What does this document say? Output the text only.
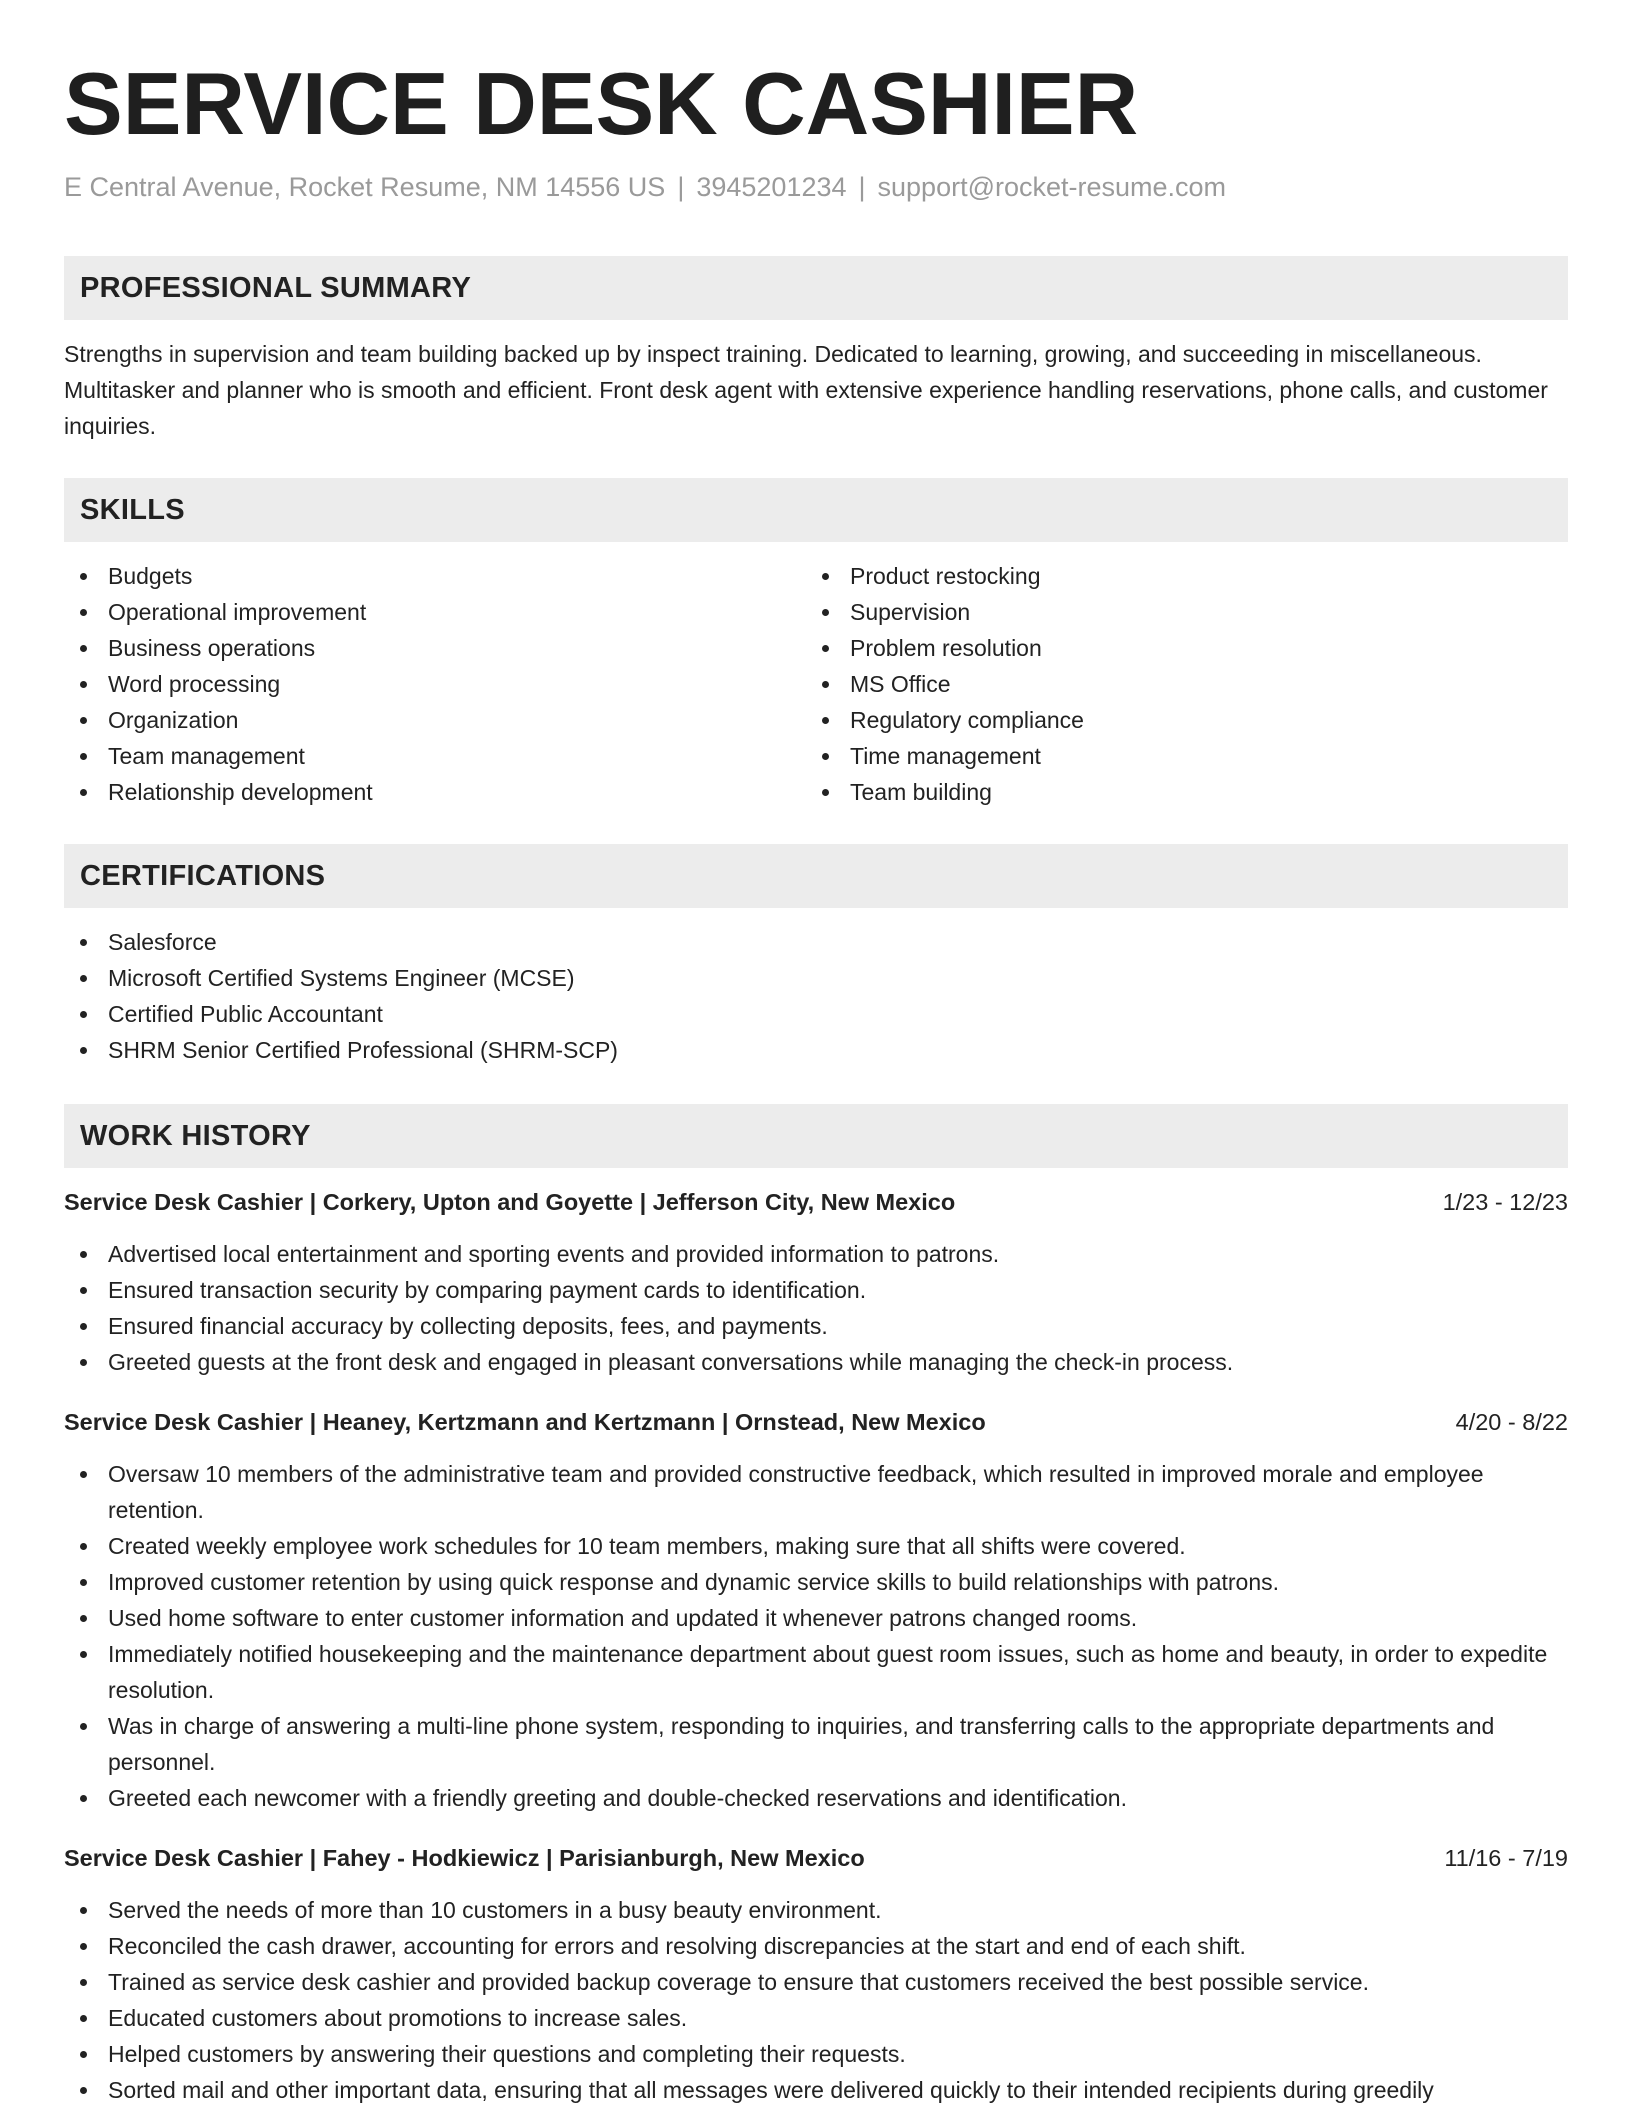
SERVICE DESK CASHIER
E Central Avenue, Rocket Resume, NM 14556 US | 3945201234 | support@rocket-resume.com
PROFESSIONAL SUMMARY
Strengths in supervision and team building backed up by inspect training. Dedicated to learning, growing, and succeeding in miscellaneous. Multitasker and planner who is smooth and efficient. Front desk agent with extensive experience handling reservations, phone calls, and customer inquiries.
SKILLS
Budgets
Operational improvement
Business operations
Word processing
Organization
Team management
Relationship development
Product restocking
Supervision
Problem resolution
MS Office
Regulatory compliance
Time management
Team building
CERTIFICATIONS
Salesforce
Microsoft Certified Systems Engineer (MCSE)
Certified Public Accountant
SHRM Senior Certified Professional (SHRM-SCP)
WORK HISTORY
Service Desk Cashier | Corkery, Upton and Goyette | Jefferson City, New Mexico	1/23 - 12/23
Advertised local entertainment and sporting events and provided information to patrons.
Ensured transaction security by comparing payment cards to identification.
Ensured financial accuracy by collecting deposits, fees, and payments.
Greeted guests at the front desk and engaged in pleasant conversations while managing the check-in process.
Service Desk Cashier | Heaney, Kertzmann and Kertzmann | Ornstead, New Mexico	4/20 - 8/22
Oversaw 10 members of the administrative team and provided constructive feedback, which resulted in improved morale and employee retention.
Created weekly employee work schedules for 10 team members, making sure that all shifts were covered.
Improved customer retention by using quick response and dynamic service skills to build relationships with patrons.
Used home software to enter customer information and updated it whenever patrons changed rooms.
Immediately notified housekeeping and the maintenance department about guest room issues, such as home and beauty, in order to expedite resolution.
Was in charge of answering a multi-line phone system, responding to inquiries, and transferring calls to the appropriate departments and personnel.
Greeted each newcomer with a friendly greeting and double-checked reservations and identification.
Service Desk Cashier | Fahey - Hodkiewicz | Parisianburgh, New Mexico	11/16 - 7/19
Served the needs of more than 10 customers in a busy beauty environment.
Reconciled the cash drawer, accounting for errors and resolving discrepancies at the start and end of each shift.
Trained as service desk cashier and provided backup coverage to ensure that customers received the best possible service.
Educated customers about promotions to increase sales.
Helped customers by answering their questions and completing their requests.
Sorted mail and other important data, ensuring that all messages were delivered quickly to their intended recipients during greedily
